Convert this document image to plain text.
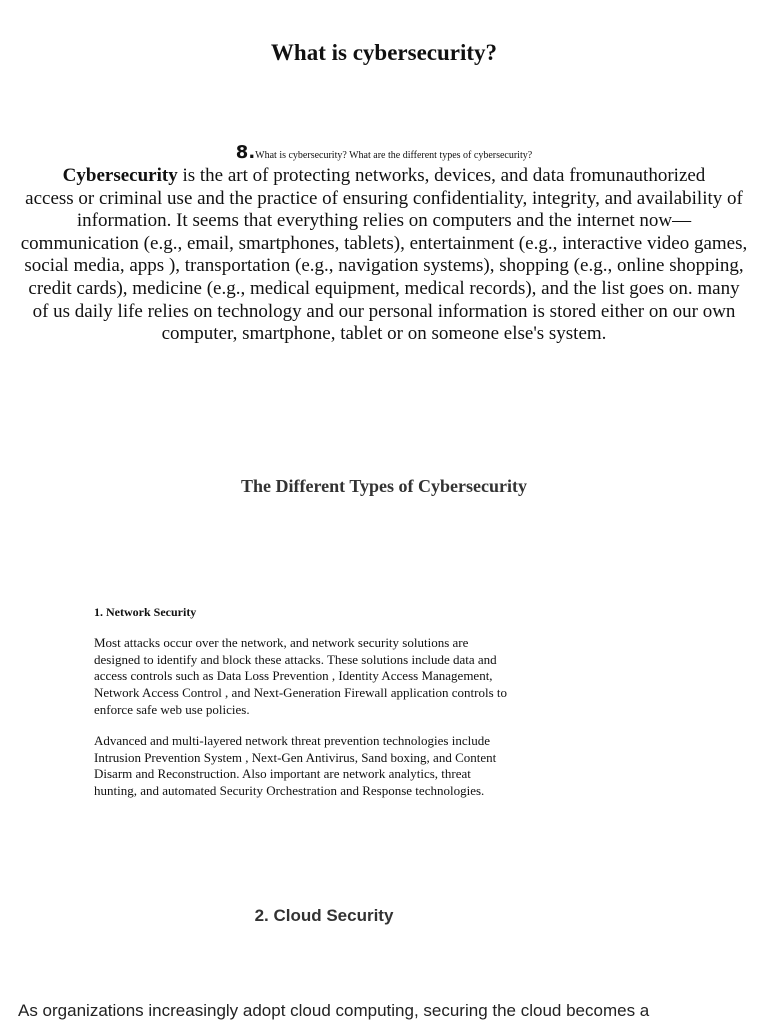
What is cybersecurity?

8.What is cybersecurity? What are the different types of cybersecurity?

Cybersecurity is the art of protecting networks, devices, and data fromunauthorized
access or criminal use and the practice of ensuring confidentiality, integrity, and availability of
information. It seems that everything relies on computers and the internet now—
communication (e.g., email, smartphones, tablets), entertainment (e.g., interactive video games,
social media, apps ), transportation (e.g., navigation systems), shopping (e.g., online shopping,
credit cards), medicine (e.g., medical equipment, medical records), and the list goes on. many
of us daily life relies on technology and our personal information is stored either on our own
computer, smartphone, tablet or on someone else's system.

The Different Types of Cybersecurity
1. Network Security

Most attacks occur over the network, and network security solutions are
designed to identify and block these attacks. These solutions include data and
access controls such as Data Loss Prevention , Identity Access Management,
Network Access Control , and Next-Generation Firewall application controls to
enforce safe web use policies.

Advanced and multi-layered network threat prevention technologies include
Intrusion Prevention System , Next-Gen Antivirus, Sand boxing, and Content
Disarm and Reconstruction. Also important are network analytics, threat
hunting, and automated Security Orchestration and Response technologies.

2. Cloud Security

As organizations increasingly adopt cloud computing, securing the cloud becomes a
